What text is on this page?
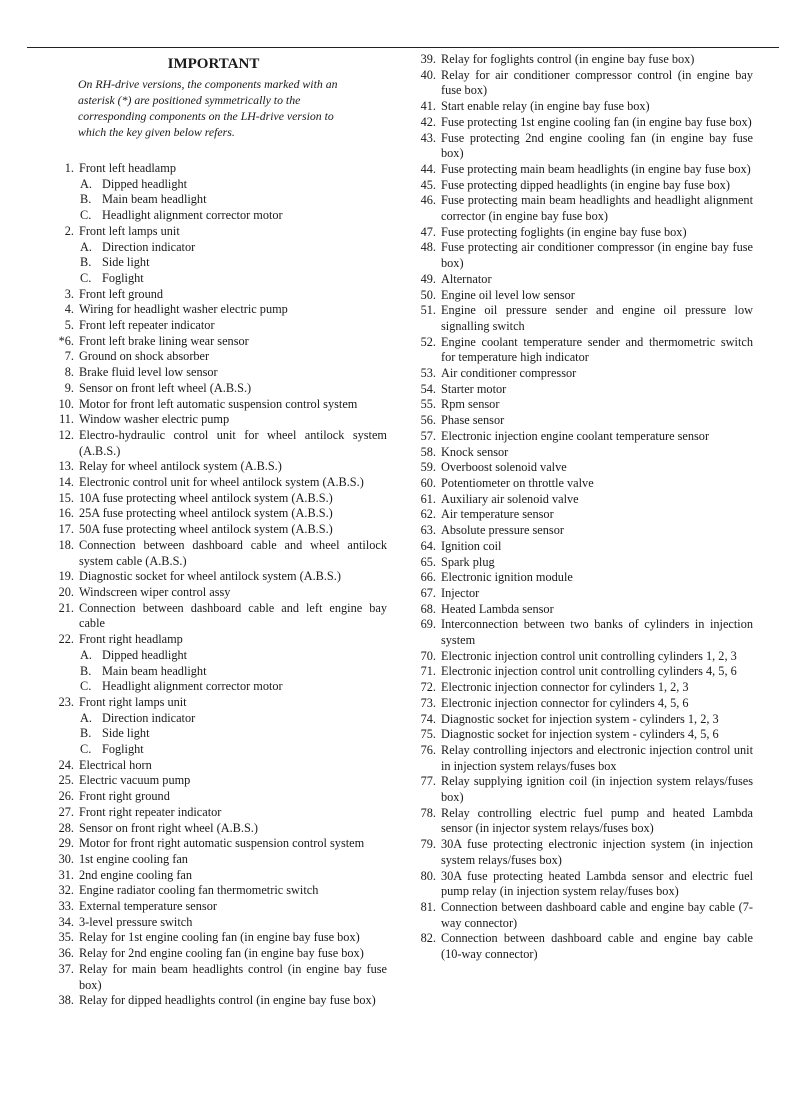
IMPORTANT
On RH-drive versions, the components marked with an asterisk (*) are positioned symmetrically to the corresponding components on the LH-drive version to which the key given below refers.
1. Front left headlamp
A. Dipped headlight
B. Main beam headlight
C. Headlight alignment corrector motor
2. Front left lamps unit
A. Direction indicator
B. Side light
C. Foglight
3. Front left ground
4. Wiring for headlight washer electric pump
5. Front left repeater indicator
*6. Front left brake lining wear sensor
7. Ground on shock absorber
8. Brake fluid level low sensor
9. Sensor on front left wheel (A.B.S.)
10. Motor for front left automatic suspension control system
11. Window washer electric pump
12. Electro-hydraulic control unit for wheel antilock system (A.B.S.)
13. Relay for wheel antilock system (A.B.S.)
14. Electronic control unit for wheel antilock system (A.B.S.)
15. 10A fuse protecting wheel antilock system (A.B.S.)
16. 25A fuse protecting wheel antilock system (A.B.S.)
17. 50A fuse protecting wheel antilock system (A.B.S.)
18. Connection between dashboard cable and wheel antilock system cable (A.B.S.)
19. Diagnostic socket for wheel antilock system (A.B.S.)
20. Windscreen wiper control assy
21. Connection between dashboard cable and left engine bay cable
22. Front right headlamp
A. Dipped headlight
B. Main beam headlight
C. Headlight alignment corrector motor
23. Front right lamps unit
A. Direction indicator
B. Side light
C. Foglight
24. Electrical horn
25. Electric vacuum pump
26. Front right ground
27. Front right repeater indicator
28. Sensor on front right wheel (A.B.S.)
29. Motor for front right automatic suspension control system
30. 1st engine cooling fan
31. 2nd engine cooling fan
32. Engine radiator cooling fan thermometric switch
33. External temperature sensor
34. 3-level pressure switch
35. Relay for 1st engine cooling fan (in engine bay fuse box)
36. Relay for 2nd engine cooling fan (in engine bay fuse box)
37. Relay for main beam headlights control (in engine bay fuse box)
38. Relay for dipped headlights control (in engine bay fuse box)
39. Relay for foglights control (in engine bay fuse box)
40. Relay for air conditioner compressor control (in engine bay fuse box)
41. Start enable relay (in engine bay fuse box)
42. Fuse protecting 1st engine cooling fan (in engine bay fuse box)
43. Fuse protecting 2nd engine cooling fan (in engine bay fuse box)
44. Fuse protecting main beam headlights (in engine bay fuse box)
45. Fuse protecting dipped headlights (in engine bay fuse box)
46. Fuse protecting main beam headlights and headlight alignment corrector (in engine bay fuse box)
47. Fuse protecting foglights (in engine bay fuse box)
48. Fuse protecting air conditioner compressor (in engine bay fuse box)
49. Alternator
50. Engine oil level low sensor
51. Engine oil pressure sender and engine oil pressure low signalling switch
52. Engine coolant temperature sender and thermometric switch for temperature high indicator
53. Air conditioner compressor
54. Starter motor
55. Rpm sensor
56. Phase sensor
57. Electronic injection engine coolant temperature sensor
58. Knock sensor
59. Overboost solenoid valve
60. Potentiometer on throttle valve
61. Auxiliary air solenoid valve
62. Air temperature sensor
63. Absolute pressure sensor
64. Ignition coil
65. Spark plug
66. Electronic ignition module
67. Injector
68. Heated Lambda sensor
69. Interconnection between two banks of cylinders in injection system
70. Electronic injection control unit controlling cylinders 1, 2, 3
71. Electronic injection control unit controlling cylinders 4, 5, 6
72. Electronic injection connector for cylinders 1, 2, 3
73. Electronic injection connector for cylinders 4, 5, 6
74. Diagnostic socket for injection system - cylinders 1, 2, 3
75. Diagnostic socket for injection system - cylinders 4, 5, 6
76. Relay controlling injectors and electronic injection control unit in injection system relays/fuses box
77. Relay supplying ignition coil (in injection system relays/fuses box)
78. Relay controlling electric fuel pump and heated Lambda sensor (in injector system relays/fuses box)
79. 30A fuse protecting electronic injection system (in injection system relays/fuses box)
80. 30A fuse protecting heated Lambda sensor and electric fuel pump relay (in injection system relay/fuses box)
81. Connection between dashboard cable and engine bay cable (7-way connector)
82. Connection between dashboard cable and engine bay cable (10-way connector)
